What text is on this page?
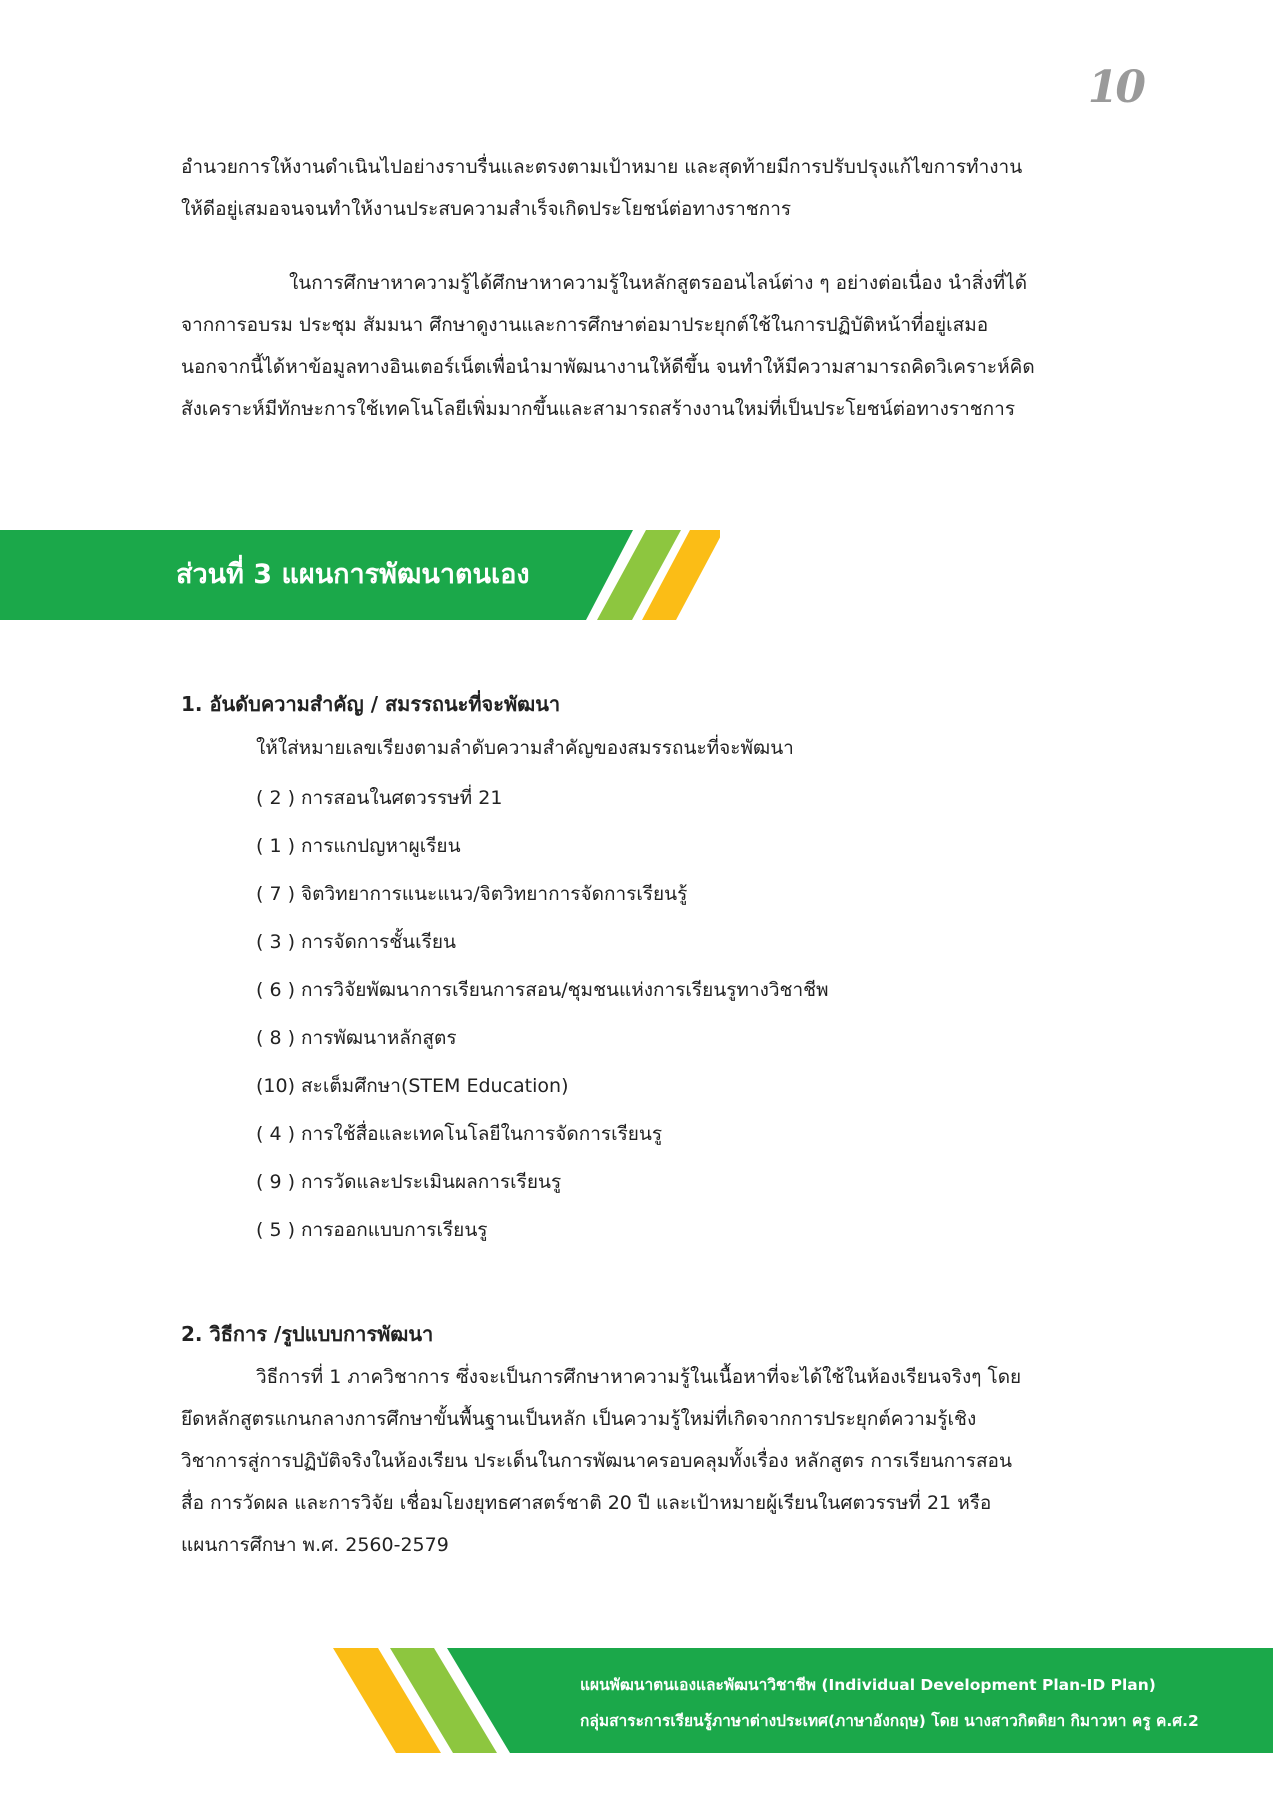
10

อำนวยการให้งานดำเนินไปอย่างราบรื่นและตรงตามเป้าหมาย และสุดท้ายมีการปรับปรุงแก้ไขการทำงาน
ให้ดีอยู่เสมอจนจนทำให้งานประสบความสำเร็จเกิดประโยชน์ต่อทางราชการ

ในการศึกษาหาความรู้ได้ศึกษาหาความรู้ในหลักสูตรออนไลน์ต่าง ๆ อย่างต่อเนื่อง นำสิ่งที่ได้
จากการอบรม ประชุม สัมมนา ศึกษาดูงานและการศึกษาต่อมาประยุกต์ใช้ในการปฏิบัติหน้าที่อยู่เสมอ
นอกจากนี้ได้หาข้อมูลทางอินเตอร์เน็ตเพื่อนำมาพัฒนางานให้ดีขึ้น จนทำให้มีความสามารถคิดวิเคราะห์คิด
สังเคราะห์มีทักษะการใช้เทคโนโลยีเพิ่มมากขึ้นและสามารถสร้างงานใหม่ที่เป็นประโยชน์ต่อทางราชการ

ส่วนที่ 3 แผนการพัฒนาตนเอง
1. อันดับความสำคัญ / สมรรถนะที่จะพัฒนา
ให้ใส่หมายเลขเรียงตามลำดับความสำคัญของสมรรถนะที่จะพัฒนา
( 2 ) การสอนในศตวรรษที่ 21
( 1 ) การแกปญหาผูเรียน
( 7 ) จิตวิทยาการแนะแนว/จิตวิทยาการจัดการเรียนรู้
( 3 ) การจัดการชั้นเรียน
( 6 ) การวิจัยพัฒนาการเรียนการสอน/ชุมชนแห่งการเรียนรูทางวิชาชีพ
( 8 ) การพัฒนาหลักสูตร
(10) สะเต็มศึกษา(STEM Education)
( 4 ) การใช้สื่อและเทคโนโลยีในการจัดการเรียนรู
( 9 ) การวัดและประเมินผลการเรียนรู
( 5 ) การออกแบบการเรียนรู
2. วิธีการ /รูปแบบการพัฒนา

วิธีการที่ 1 ภาควิชาการ ซึ่งจะเป็นการศึกษาหาความรู้ในเนื้อหาที่จะได้ใช้ในห้องเรียนจริงๆ โดย
ยึดหลักสูตรแกนกลางการศึกษาขั้นพื้นฐานเป็นหลัก เป็นความรู้ใหม่ที่เกิดจากการประยุกต์ความรู้เชิง
วิชาการสู่การปฏิบัติจริงในห้องเรียน ประเด็นในการพัฒนาครอบคลุมทั้งเรื่อง หลักสูตร การเรียนการสอน
สื่อ การวัดผล และการวิจัย เชื่อมโยงยุทธศาสตร์ชาติ 20 ปี และเป้าหมายผู้เรียนในศตวรรษที่ 21 หรือ
แผนการศึกษา พ.ศ. 2560-2579

แผนพัฒนาตนเองและพัฒนาวิชาชีพ (Individual Development Plan-ID Plan)
กลุ่มสาระการเรียนรู้ภาษาต่างประเทศ(ภาษาอังกฤษ) โดย นางสาวกิตติยา กิมาวหา ครู ค.ศ.2
